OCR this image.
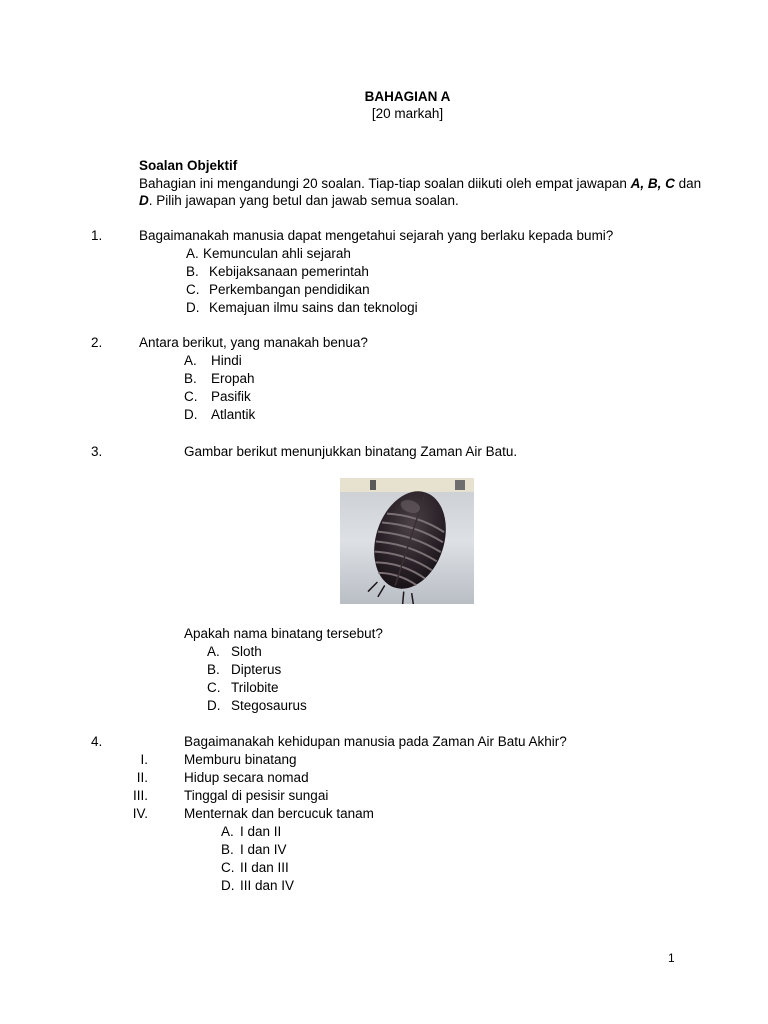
BAHAGIAN A
[20 markah]
Soalan Objektif
Bahagian ini mengandungi 20 soalan. Tiap-tiap soalan diikuti oleh empat jawapan A, B, C dan
D. Pilih jawapan yang betul dan jawab semua soalan.
1.	Bagaimanakah manusia dapat mengetahui sejarah yang berlaku kepada bumi?
A. Kemunculan ahli sejarah
B. Kebijaksanaan pemerintah
C. Perkembangan pendidikan
D. Kemajuan ilmu sains dan teknologi
2.	Antara berikut, yang manakah benua?
A. Hindi
B. Eropah
C. Pasifik
D. Atlantik
3.	Gambar berikut menunjukkan binatang Zaman Air Batu.
Apakah nama binatang tersebut?
A. Sloth
B. Dipterus
C. Trilobite
D. Stegosaurus
4.	Bagaimanakah kehidupan manusia pada Zaman Air Batu Akhir?
I.	Memburu binatang
II.	Hidup secara nomad
III.	Tinggal di pesisir sungai
IV.	Menternak dan bercucuk tanam
A. I dan II
B. I dan IV
C. II dan III
D. III dan IV
1
